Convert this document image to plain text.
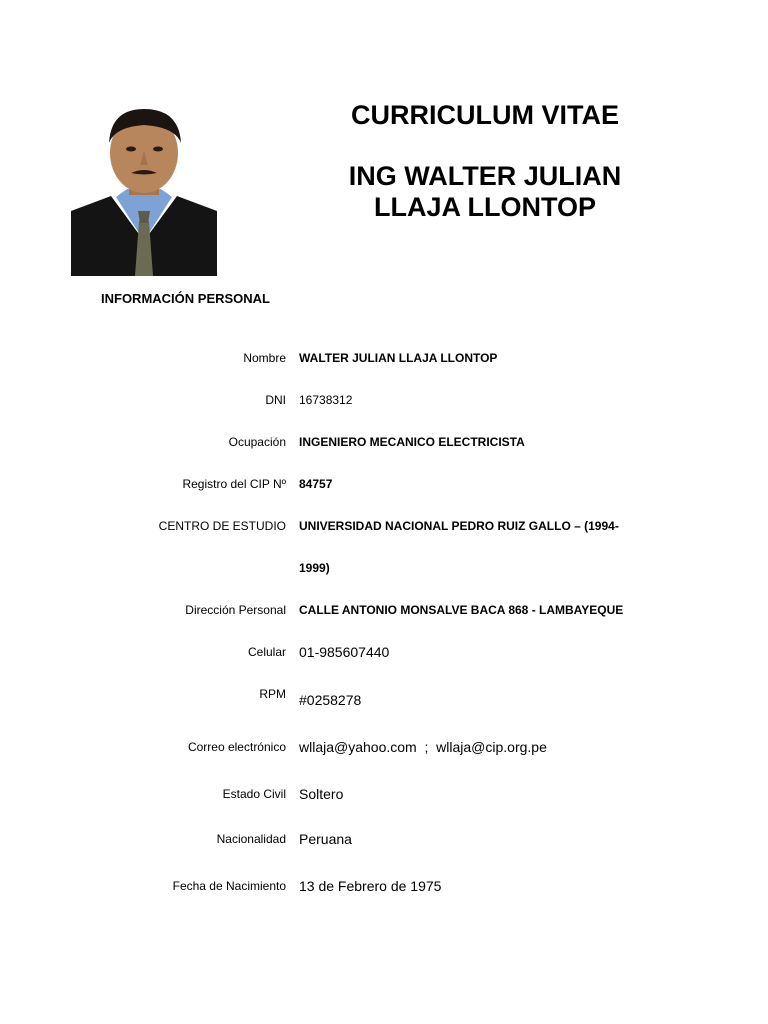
CURRICULUM VITAE
ING WALTER JULIAN
LLAJA LLONTOP
INFORMACIÓN PERSONAL
Nombre WALTER JULIAN LLAJA LLONTOP
DNI 16738312
Ocupación INGENIERO MECANICO ELECTRICISTA
Registro del CIP Nº 84757
CENTRO DE ESTUDIO UNIVERSIDAD NACIONAL PEDRO RUIZ GALLO – (1994-
1999)
Dirección Personal CALLE ANTONIO MONSALVE BACA 868 - LAMBAYEQUE
Celular 01-985607440
RPM #0258278
Correo electrónico wllaja@yahoo.com  ;  wllaja@cip.org.pe
Estado Civil Soltero
Nacionalidad Peruana
Fecha de Nacimiento 13 de Febrero de 1975
